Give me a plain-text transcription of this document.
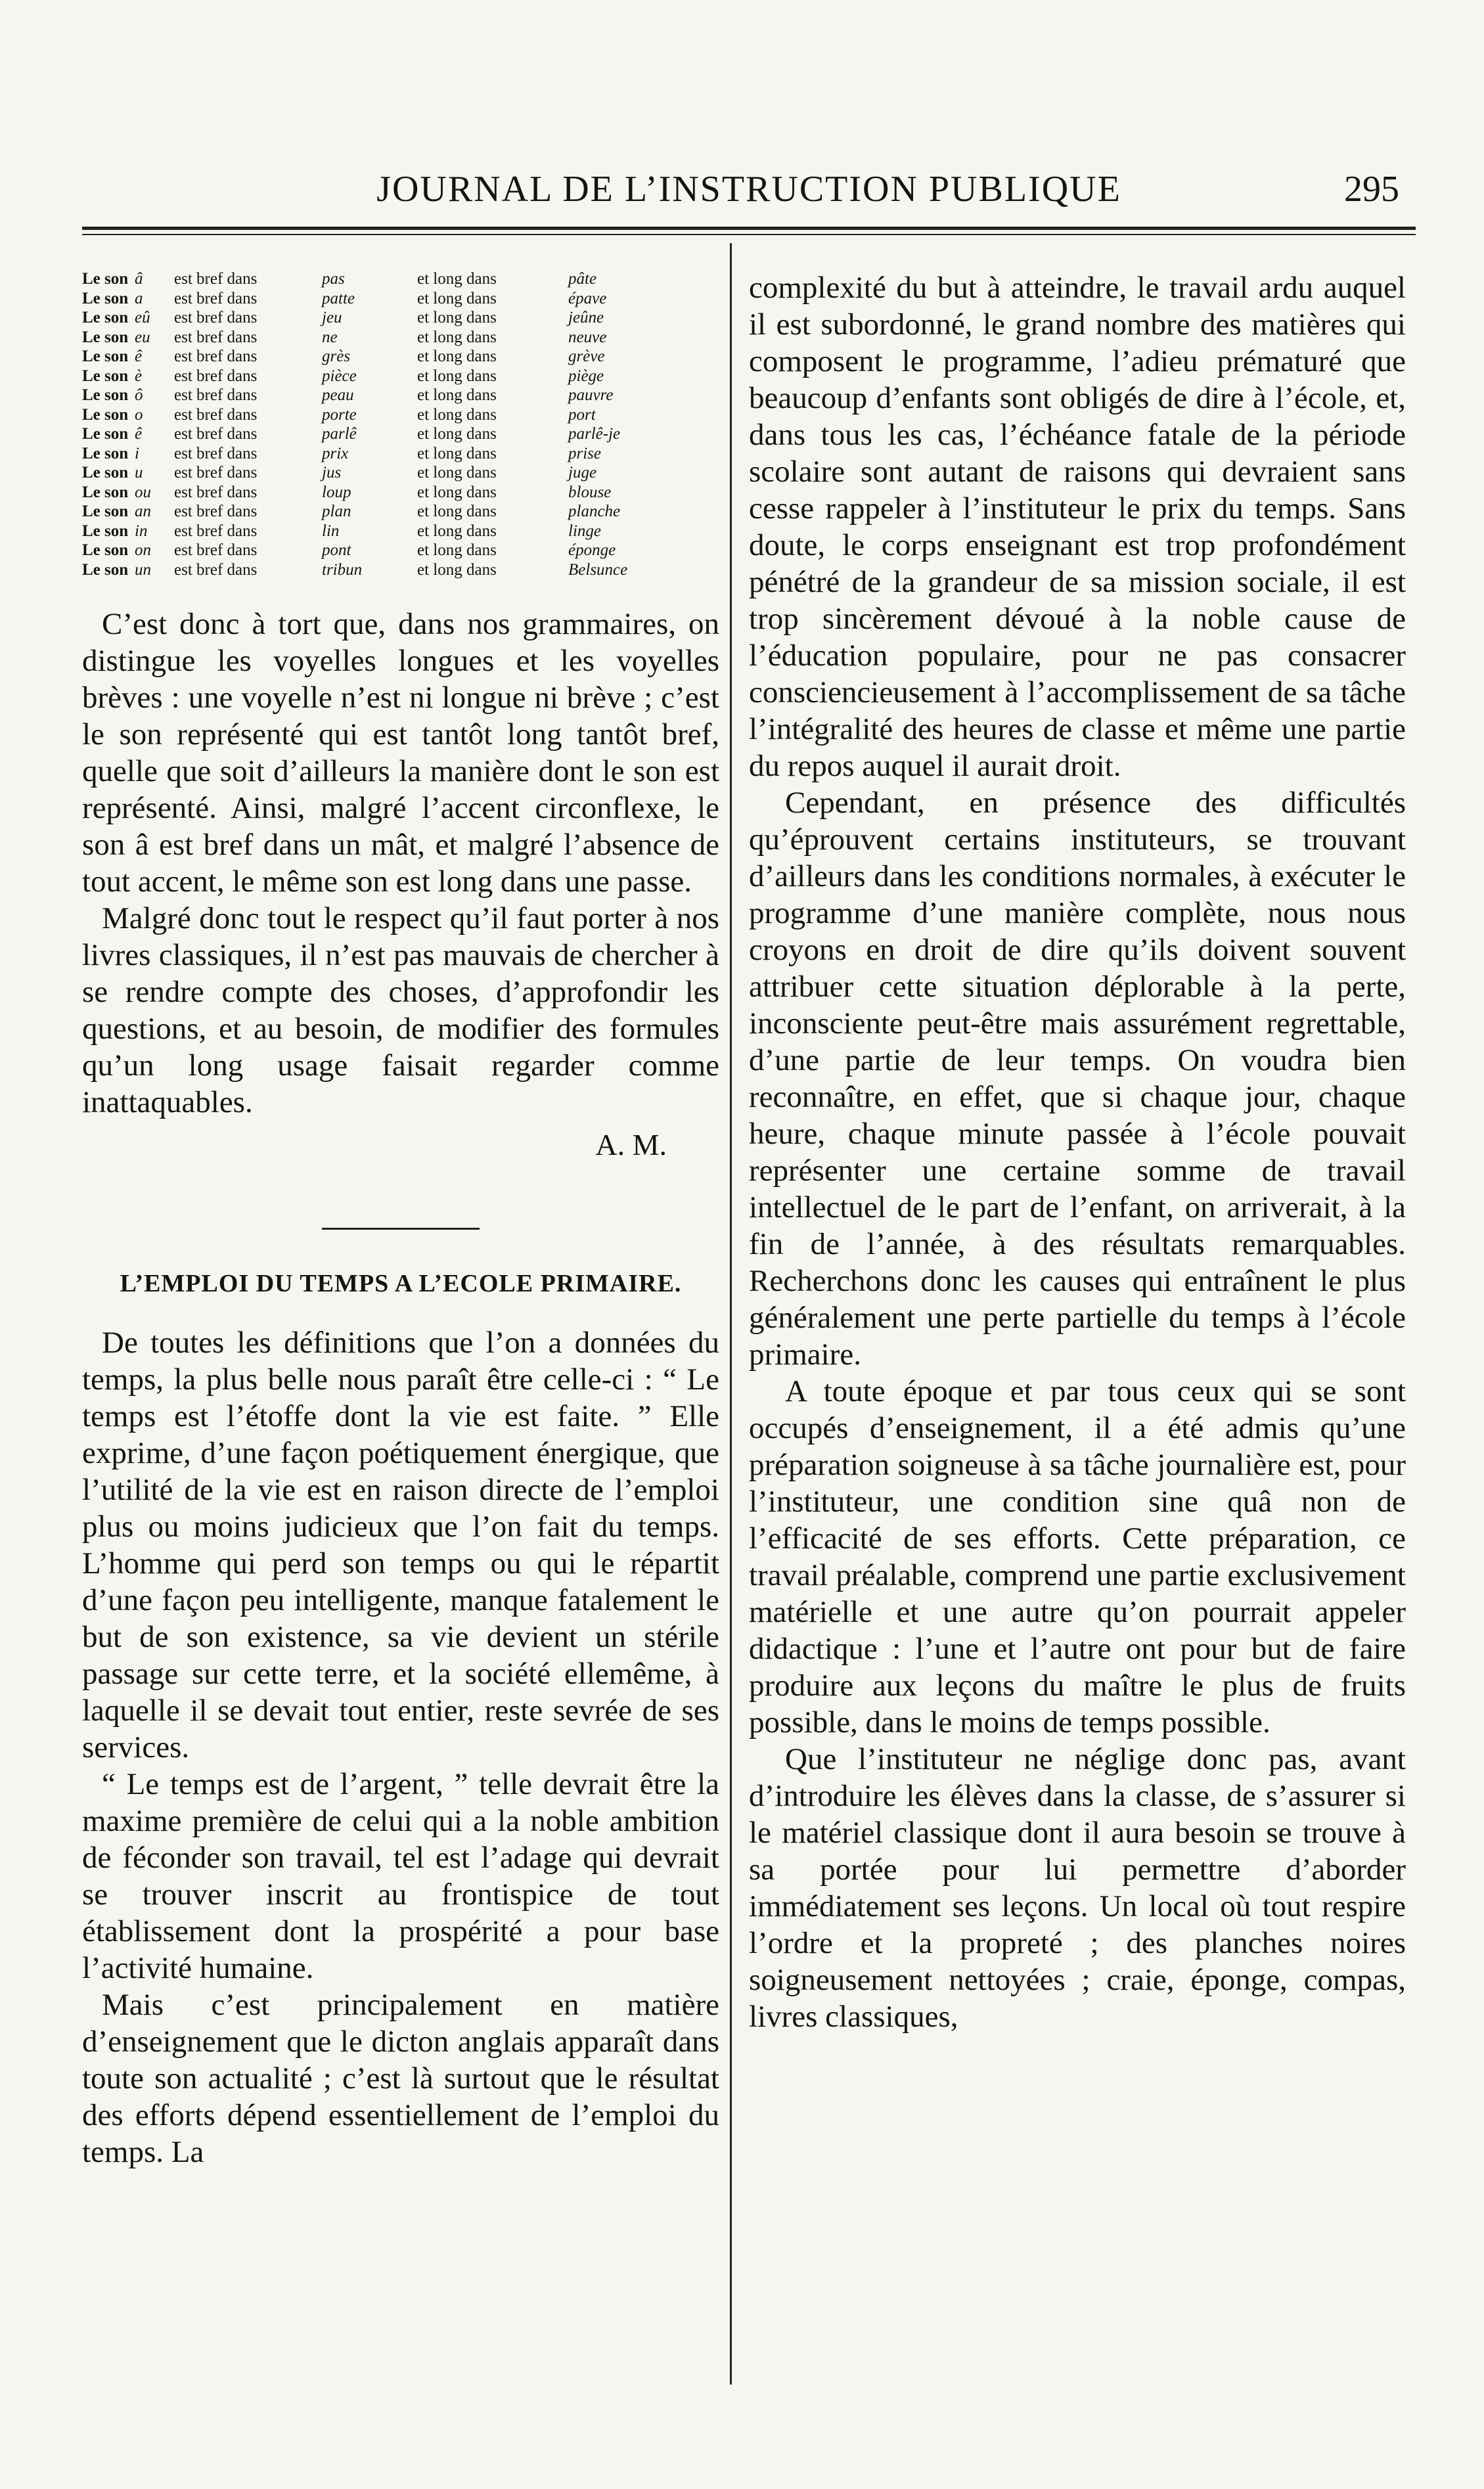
JOURNAL DE L’INSTRUCTION PUBLIQUE	295
Le son â	est bref dans	pas	et long dans	pâte
Le son a	est bref dans	patte	et long dans	épave
Le son eû	est bref dans	jeu	et long dans	jeûne
Le son eu	est bref dans	ne	et long dans	neuve
Le son ê	est bref dans	grès	et long dans	grève
Le son è	est bref dans	pièce	et long dans	piège
Le son ô	est bref dans	peau	et long dans	pauvre
Le son o	est bref dans	porte	et long dans	port
Le son ê	est bref dans	parlê	et long dans	parlê-je
Le son i	est bref dans	prix	et long dans	prise
Le son u	est bref dans	jus	et long dans	juge
Le son ou	est bref dans	loup	et long dans	blouse
Le son an	est bref dans	plan	et long dans	planche
Le son in	est bref dans	lin	et long dans	linge
Le son on	est bref dans	pont	et long dans	éponge
Le son un	est bref dans	tribun	et long dans	Belsunce

C’est donc à tort que, dans nos grammaires, on distingue les voyelles longues et les voyelles brèves : une voyelle n’est ni longue ni brève ; c’est le son représenté qui est tantôt long tantôt bref, quelle que soit d’ailleurs la manière dont le son est représenté. Ainsi, malgré l’accent circonflexe, le son â est bref dans un mât, et malgré l’absence de tout accent, le même son est long dans une passe.

Malgré donc tout le respect qu’il faut porter à nos livres classiques, il n’est pas mauvais de chercher à se rendre compte des choses, d’approfondir les questions, et au besoin, de modifier des formules qu’un long usage faisait regarder comme inattaquables.

A. M.
L’EMPLOI DU TEMPS A L’ECOLE PRIMAIRE.

De toutes les définitions que l’on a données du temps, la plus belle nous paraît être celle-ci : “ Le temps est l’étoffe dont la vie est faite. ” Elle exprime, d’une façon poétiquement énergique, que l’utilité de la vie est en raison directe de l’emploi plus ou moins judicieux que l’on fait du temps. L’homme qui perd son temps ou qui le répartit d’une façon peu intelligente, manque fatalement le but de son existence, sa vie devient un stérile passage sur cette terre, et la société ellemême, à laquelle il se devait tout entier, reste sevrée de ses services.

“ Le temps est de l’argent, ” telle devrait être la maxime première de celui qui a la noble ambition de féconder son travail, tel est l’adage qui devrait se trouver inscrit au frontispice de tout établissement dont la prospérité a pour base l’activité humaine.

Mais c’est principalement en matière d’enseignement que le dicton anglais apparaît dans toute son actualité ; c’est là surtout que le résultat des efforts dépend essentiellement de l’emploi du temps. La

complexité du but à atteindre, le travail ardu auquel il est subordonné, le grand nombre des matières qui composent le programme, l’adieu prématuré que beaucoup d’enfants sont obligés de dire à l’école, et, dans tous les cas, l’échéance fatale de la période scolaire sont autant de raisons qui devraient sans cesse rappeler à l’instituteur le prix du temps. Sans doute, le corps enseignant est trop profondément pénétré de la grandeur de sa mission sociale, il est trop sincèrement dévoué à la noble cause de l’éducation populaire, pour ne pas consacrer consciencieusement à l’accomplissement de sa tâche l’intégralité des heures de classe et même une partie du repos auquel il aurait droit.

Cependant, en présence des difficultés qu’éprouvent certains instituteurs, se trouvant d’ailleurs dans les conditions normales, à exécuter le programme d’une manière complète, nous nous croyons en droit de dire qu’ils doivent souvent attribuer cette situation déplorable à la perte, inconsciente peut-être mais assurément regrettable, d’une partie de leur temps. On voudra bien reconnaître, en effet, que si chaque jour, chaque heure, chaque minute passée à l’école pouvait représenter une certaine somme de travail intellectuel de le part de l’enfant, on arriverait, à la fin de l’année, à des résultats remarquables. Recherchons donc les causes qui entraînent le plus généralement une perte partielle du temps à l’école primaire.

A toute époque et par tous ceux qui se sont occupés d’enseignement, il a été admis qu’une préparation soigneuse à sa tâche journalière est, pour l’instituteur, une condition sine quâ non de l’efficacité de ses efforts. Cette préparation, ce travail préalable, comprend une partie exclusivement matérielle et une autre qu’on pourrait appeler didactique : l’une et l’autre ont pour but de faire produire aux leçons du maître le plus de fruits possible, dans le moins de temps possible.

Que l’instituteur ne néglige donc pas, avant d’introduire les élèves dans la classe, de s’assurer si le matériel classique dont il aura besoin se trouve à sa portée pour lui permettre d’aborder immédiatement ses leçons. Un local où tout respire l’ordre et la propreté ; des planches noires soigneusement nettoyées ; craie, éponge, compas, livres classiques,
